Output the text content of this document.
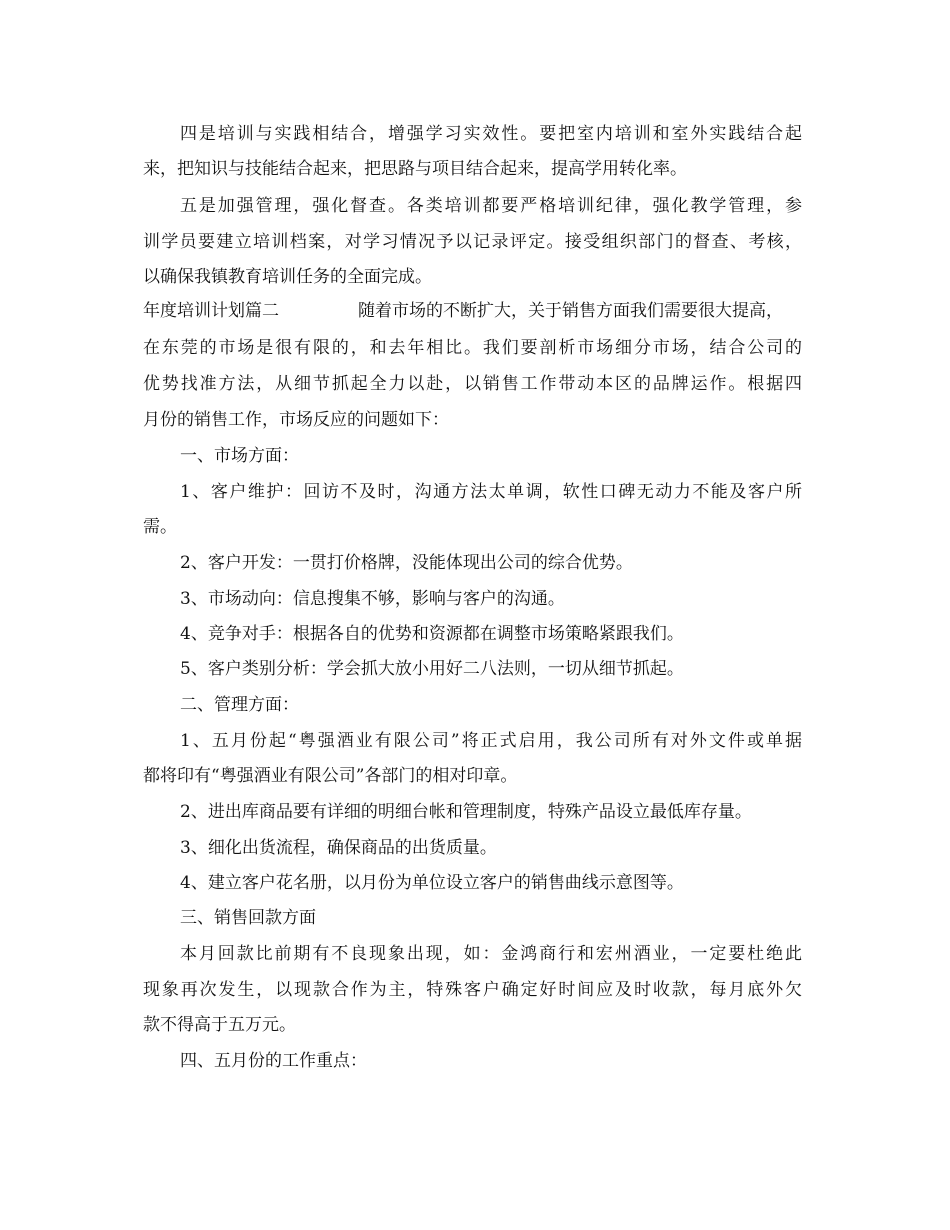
四是培训与实践相结合，增强学习实效性。要把室内培训和室外实践结合起
来，把知识与技能结合起来，把思路与项目结合起来，提高学用转化率。
五是加强管理，强化督查。各类培训都要严格培训纪律，强化教学管理，参
训学员要建立培训档案，对学习情况予以记录评定。接受组织部门的督查、考核，
以确保我镇教育培训任务的全面完成。
年度培训计划篇二	随着市场的不断扩大，关于销售方面我们需要很大提高，
在东莞的市场是很有限的，和去年相比。我们要剖析市场细分市场，结合公司的
优势找准方法，从细节抓起全力以赴，以销售工作带动本区的品牌运作。根据四
月份的销售工作，市场反应的问题如下：
一、市场方面：
1、客户维护：回访不及时，沟通方法太单调，软性口碑无动力不能及客户所
需。
2、客户开发：一贯打价格牌，没能体现出公司的综合优势。
3、市场动向：信息搜集不够，影响与客户的沟通。
4、竞争对手：根据各自的优势和资源都在调整市场策略紧跟我们。
5、客户类别分析：学会抓大放小用好二八法则，一切从细节抓起。
二、管理方面：
1、五月份起“粤强酒业有限公司”将正式启用，我公司所有对外文件或单据
都将印有“粤强酒业有限公司”各部门的相对印章。
2、进出库商品要有详细的明细台帐和管理制度，特殊产品设立最低库存量。
3、细化出货流程，确保商品的出货质量。
4、建立客户花名册，以月份为单位设立客户的销售曲线示意图等。
三、销售回款方面
本月回款比前期有不良现象出现，如：金鸿商行和宏州酒业，一定要杜绝此
现象再次发生，以现款合作为主，特殊客户确定好时间应及时收款，每月底外欠
款不得高于五万元。
四、五月份的工作重点：
